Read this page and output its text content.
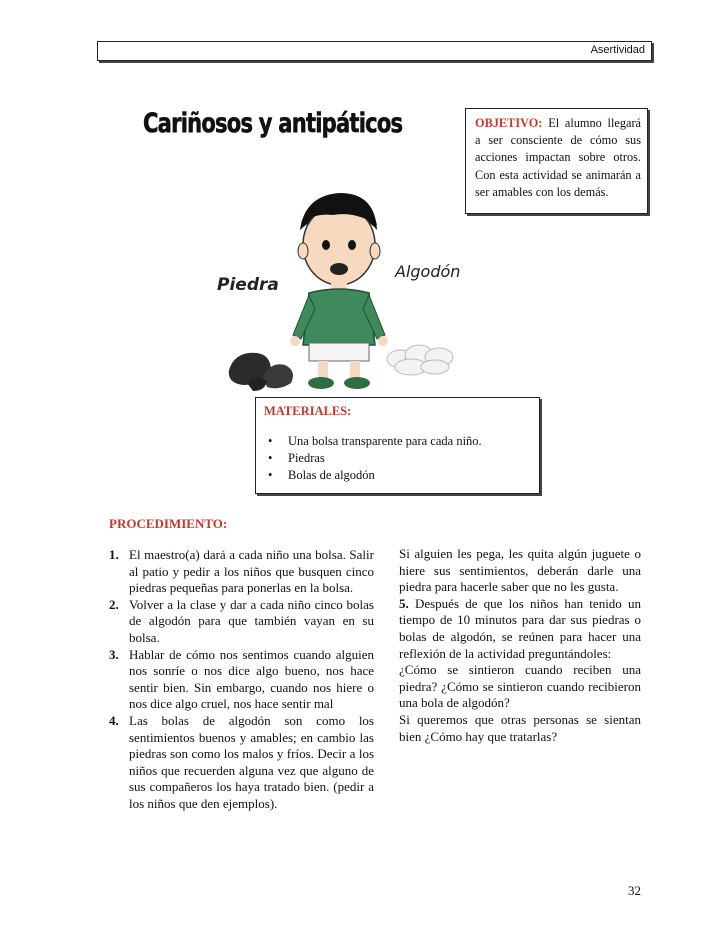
Asertividad
Cariñosos y antipáticos	OBJETIVO: El alumno llegará a ser consciente de cómo sus acciones impactan sobre otros. Con esta actividad se animarán a ser amables con los demás.
Piedra
Algodón
MATERIALES:
• Una bolsa transparente para cada niño.
• Piedras
• Bolas de algodón
PROCEDIMIENTO:
1. El maestro(a) dará a cada niño una bolsa. Salir al patio y pedir a los niños que busquen cinco piedras pequeñas para ponerlas en la bolsa.
2. Volver a la clase y dar a cada niño cinco bolas de algodón para que también vayan en su bolsa.
3. Hablar de cómo nos sentimos cuando alguien nos sonríe o nos dice algo bueno, nos hace sentir bien. Sin embargo, cuando nos hiere o nos dice algo cruel, nos hace sentir mal
4. Las bolas de algodón son como los sentimientos buenos y amables; en cambio las piedras son como los malos y fríos. Decir a los niños que recuerden alguna vez que alguno de sus compañeros los haya tratado bien. (pedir a los niños que den ejemplos).

Si alguien les pega, les quita algún juguete o hiere sus sentimientos, deberán darle una piedra para hacerle saber que no les gusta.

5. Después de que los niños han tenido un tiempo de 10 minutos para dar sus piedras o bolas de algodón, se reúnen para hacer una reflexión de la actividad preguntándoles:

¿Cómo se sintieron cuando reciben una piedra? ¿Cómo se sintieron cuando recibieron una bola de algodón?

Si queremos que otras personas se sientan bien ¿Cómo hay que tratarlas?

32
